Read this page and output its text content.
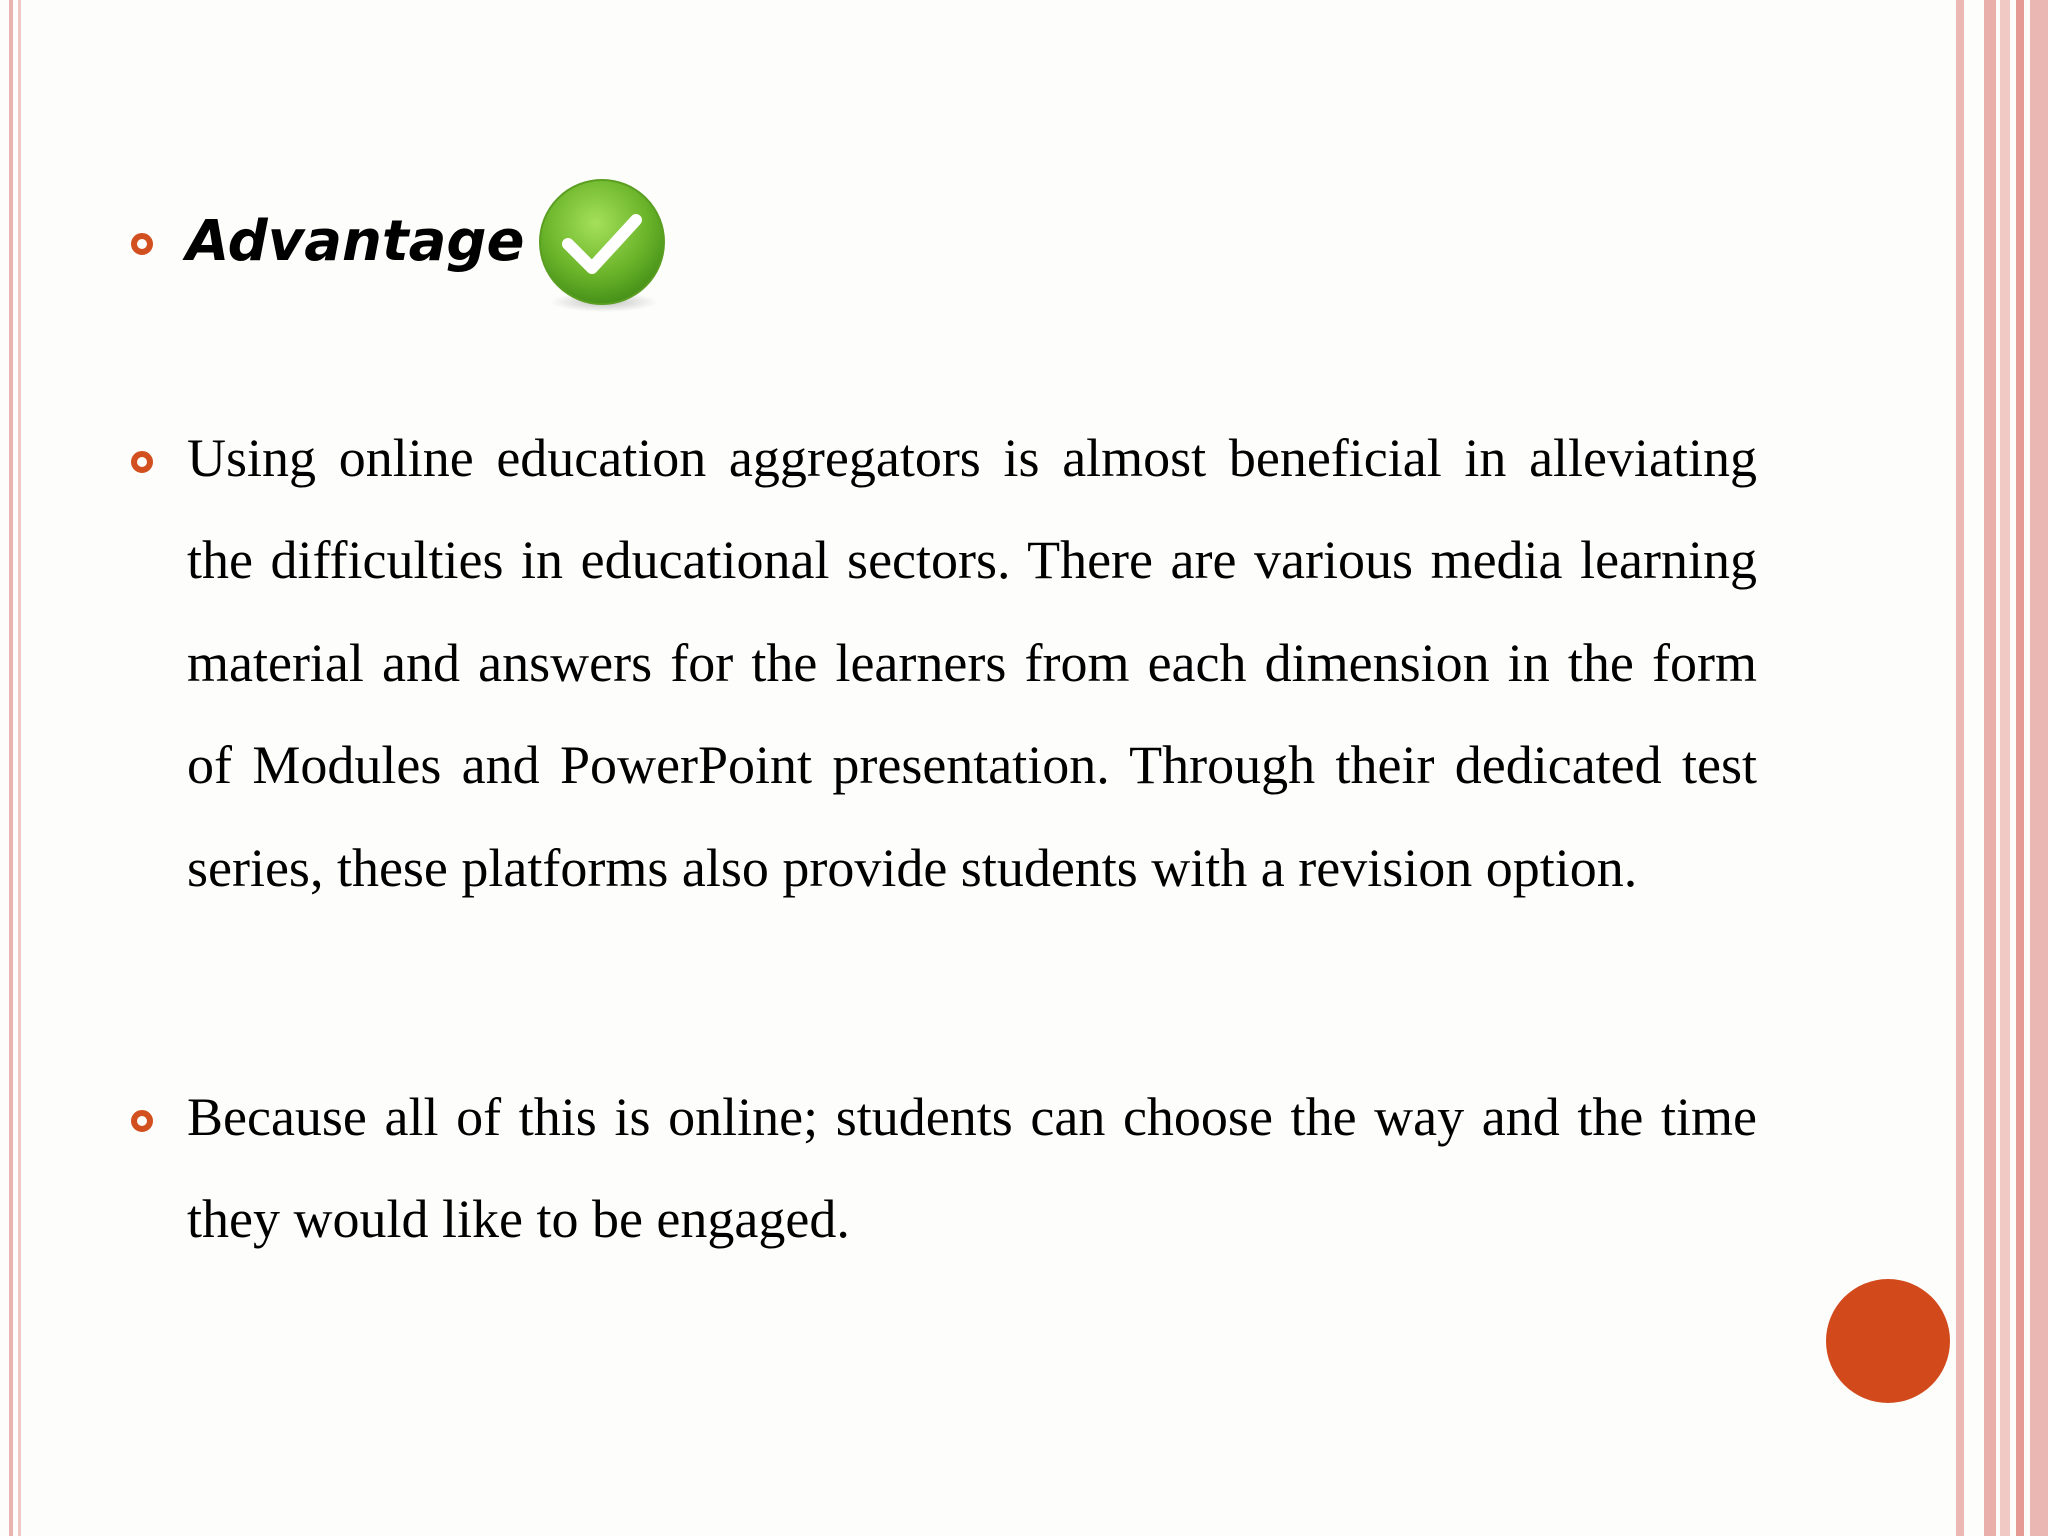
Advantage

Using online education aggregators is almost beneficial in alleviating the difficulties in educational sectors. There are various media learning material and answers for the learners from each dimension in the form of Modules and PowerPoint presentation. Through their dedicated test series, these platforms also provide students with a revision option.

Because all of this is online; students can choose the way and the time they would like to be engaged.
